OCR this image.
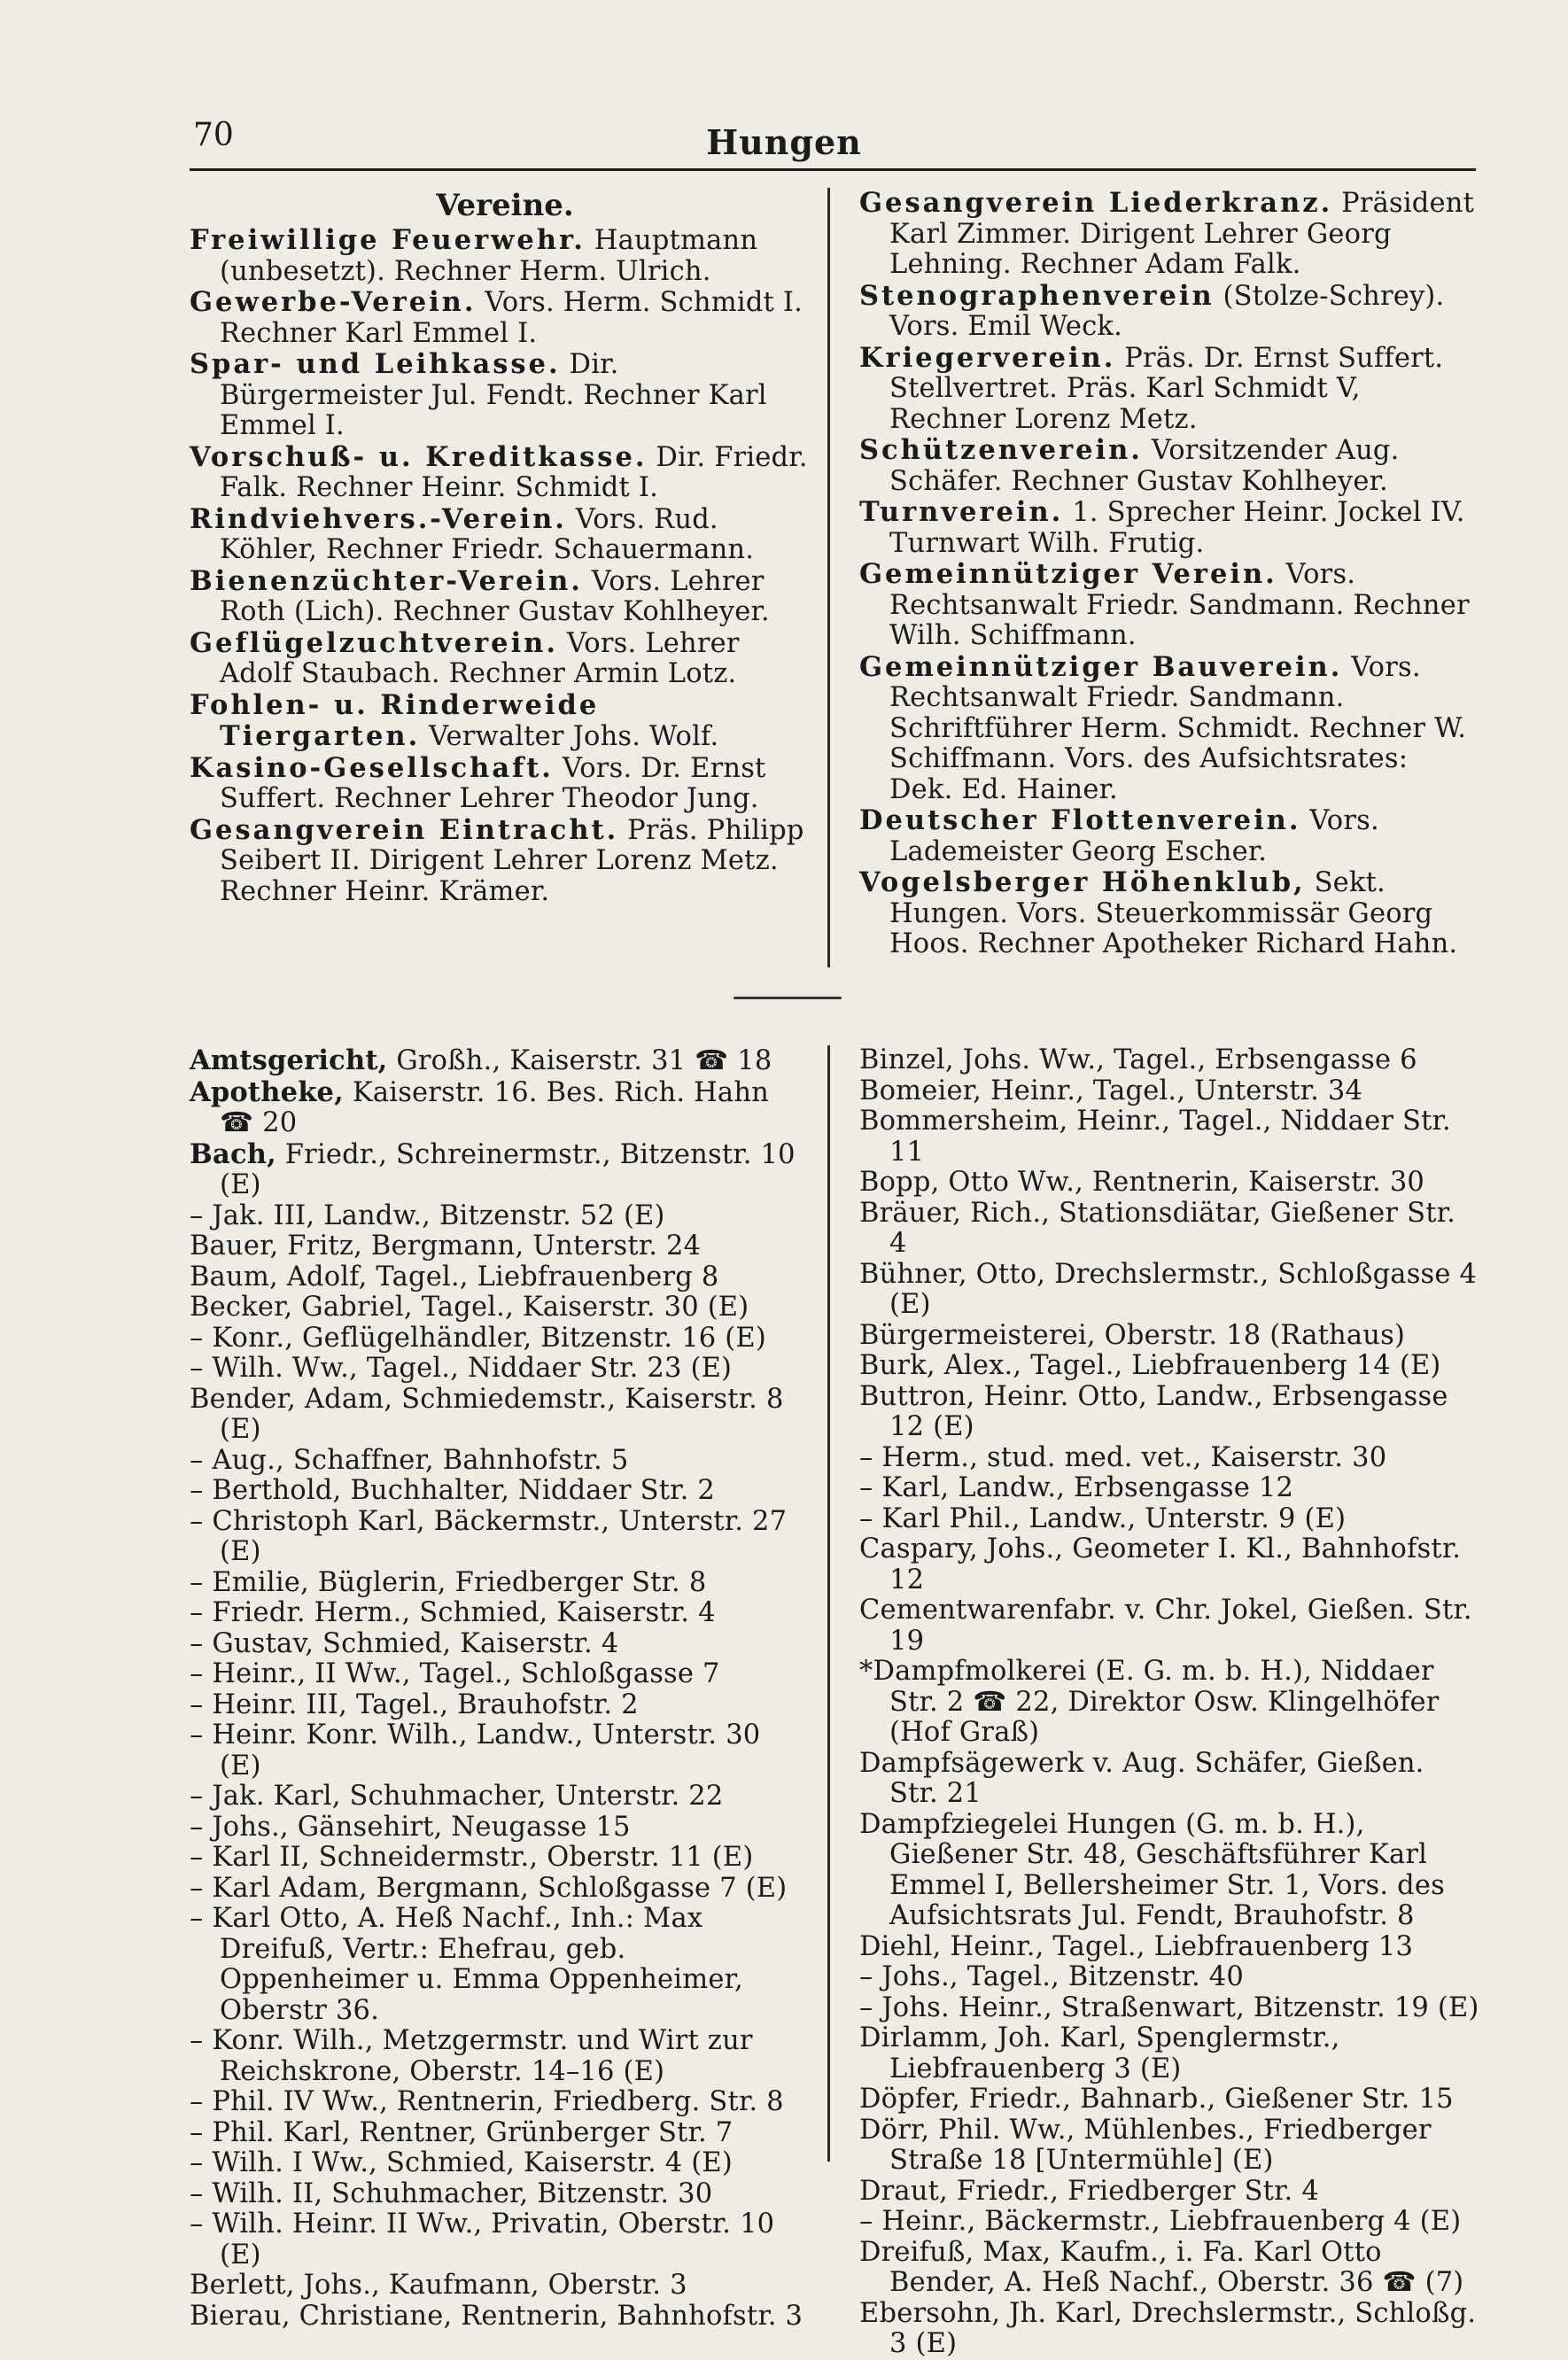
70	Hungen
Vereine.

Freiwillige Feuerwehr. Hauptmann (unbesetzt). Rechner Herm. Ulrich.

Gewerbe-Verein. Vors. Herm. Schmidt I. Rechner Karl Emmel I.

Spar- und Leihkasse. Dir. Bürgermeister Jul. Fendt. Rechner Karl Emmel I.

Vorschuß- u. Kreditkasse. Dir. Friedr. Falk. Rechner Heinr. Schmidt I.

Rindviehvers.-Verein. Vors. Rud. Köhler, Rechner Friedr. Schauermann.

Bienenzüchter-Verein. Vors. Lehrer Roth (Lich). Rechner Gustav Kohlheyer.

Geflügelzuchtverein. Vors. Lehrer Adolf Staubach. Rechner Armin Lotz.

Fohlen- u. Rinderweide Tiergarten. Verwalter Johs. Wolf.

Kasino-Gesellschaft. Vors. Dr. Ernst Suffert. Rechner Lehrer Theodor Jung.

Gesangverein Eintracht. Präs. Philipp Seibert II. Dirigent Lehrer Lorenz Metz. Rechner Heinr. Krämer.

Gesangverein Liederkranz. Präsident Karl Zimmer. Dirigent Lehrer Georg Lehning. Rechner Adam Falk.

Stenographenverein (Stolze-Schrey). Vors. Emil Weck.

Kriegerverein. Präs. Dr. Ernst Suffert. Stellvertret. Präs. Karl Schmidt V, Rechner Lorenz Metz.

Schützenverein. Vorsitzender Aug. Schäfer. Rechner Gustav Kohlheyer.

Turnverein. 1. Sprecher Heinr. Jockel IV. Turnwart Wilh. Frutig.

Gemeinnütziger Verein. Vors. Rechtsanwalt Friedr. Sandmann. Rechner Wilh. Schiffmann.

Gemeinnütziger Bauverein. Vors. Rechtsanwalt Friedr. Sandmann. Schriftführer Herm. Schmidt. Rechner W. Schiffmann. Vors. des Aufsichtsrates: Dek. Ed. Hainer.

Deutscher Flottenverein. Vors. Lademeister Georg Escher.

Vogelsberger Höhenklub, Sekt. Hungen. Vors. Steuerkommissär Georg Hoos. Rechner Apotheker Richard Hahn.

Amtsgericht, Großh., Kaiserstr. 31 ☎ 18

Apotheke, Kaiserstr. 16. Bes. Rich. Hahn ☎ 20

Bach, Friedr., Schreinermstr., Bitzenstr. 10 (E)

– Jak. III, Landw., Bitzenstr. 52 (E)

Bauer, Fritz, Bergmann, Unterstr. 24

Baum, Adolf, Tagel., Liebfrauenberg 8

Becker, Gabriel, Tagel., Kaiserstr. 30 (E)

– Konr., Geflügelhändler, Bitzenstr. 16 (E)

– Wilh. Ww., Tagel., Niddaer Str. 23 (E)

Bender, Adam, Schmiedemstr., Kaiserstr. 8 (E)

– Aug., Schaffner, Bahnhofstr. 5

– Berthold, Buchhalter, Niddaer Str. 2

– Christoph Karl, Bäckermstr., Unterstr. 27 (E)

– Emilie, Büglerin, Friedberger Str. 8

– Friedr. Herm., Schmied, Kaiserstr. 4

– Gustav, Schmied, Kaiserstr. 4

– Heinr., II Ww., Tagel., Schloßgasse 7

– Heinr. III, Tagel., Brauhofstr. 2

– Heinr. Konr. Wilh., Landw., Unterstr. 30 (E)

– Jak. Karl, Schuhmacher, Unterstr. 22

– Johs., Gänsehirt, Neugasse 15

– Karl II, Schneidermstr., Oberstr. 11 (E)

– Karl Adam, Bergmann, Schloßgasse 7 (E)

– Karl Otto, A. Heß Nachf., Inh.: Max Dreifuß, Vertr.: Ehefrau, geb. Oppenheimer u. Emma Oppenheimer, Oberstr 36.

– Konr. Wilh., Metzgermstr. und Wirt zur Reichskrone, Oberstr. 14–16 (E)

– Phil. IV Ww., Rentnerin, Friedberg. Str. 8

– Phil. Karl, Rentner, Grünberger Str. 7

– Wilh. I Ww., Schmied, Kaiserstr. 4 (E)

– Wilh. II, Schuhmacher, Bitzenstr. 30

– Wilh. Heinr. II Ww., Privatin, Oberstr. 10 (E)

Berlett, Johs., Kaufmann, Oberstr. 3

Bierau, Christiane, Rentnerin, Bahnhofstr. 3

Binzel, Johs. Ww., Tagel., Erbsengasse 6

Bomeier, Heinr., Tagel., Unterstr. 34

Bommersheim, Heinr., Tagel., Niddaer Str. 11

Bopp, Otto Ww., Rentnerin, Kaiserstr. 30

Bräuer, Rich., Stationsdiätar, Gießener Str. 4

Bühner, Otto, Drechslermstr., Schloßgasse 4 (E)

Bürgermeisterei, Oberstr. 18 (Rathaus)

Burk, Alex., Tagel., Liebfrauenberg 14 (E)

Buttron, Heinr. Otto, Landw., Erbsengasse 12 (E)

– Herm., stud. med. vet., Kaiserstr. 30

– Karl, Landw., Erbsengasse 12

– Karl Phil., Landw., Unterstr. 9 (E)

Caspary, Johs., Geometer I. Kl., Bahnhofstr. 12

Cementwarenfabr. v. Chr. Jokel, Gießen. Str. 19

*Dampfmolkerei (E. G. m. b. H.), Niddaer Str. 2 ☎ 22, Direktor Osw. Klingelhöfer (Hof Graß)

Dampfsägewerk v. Aug. Schäfer, Gießen. Str. 21

Dampfziegelei Hungen (G. m. b. H.), Gießener Str. 48, Geschäftsführer Karl Emmel I, Bellersheimer Str. 1, Vors. des Aufsichtsrats Jul. Fendt, Brauhofstr. 8

Diehl, Heinr., Tagel., Liebfrauenberg 13

– Johs., Tagel., Bitzenstr. 40

– Johs. Heinr., Straßenwart, Bitzenstr. 19 (E)

Dirlamm, Joh. Karl, Spenglermstr., Liebfrauenberg 3 (E)

Döpfer, Friedr., Bahnarb., Gießener Str. 15

Dörr, Phil. Ww., Mühlenbes., Friedberger Straße 18 [Untermühle] (E)

Draut, Friedr., Friedberger Str. 4

– Heinr., Bäckermstr., Liebfrauenberg 4 (E)

Dreifuß, Max, Kaufm., i. Fa. Karl Otto Bender, A. Heß Nachf., Oberstr. 36 ☎ (7)

Ebersohn, Jh. Karl, Drechslermstr., Schloßg. 3 (E)
